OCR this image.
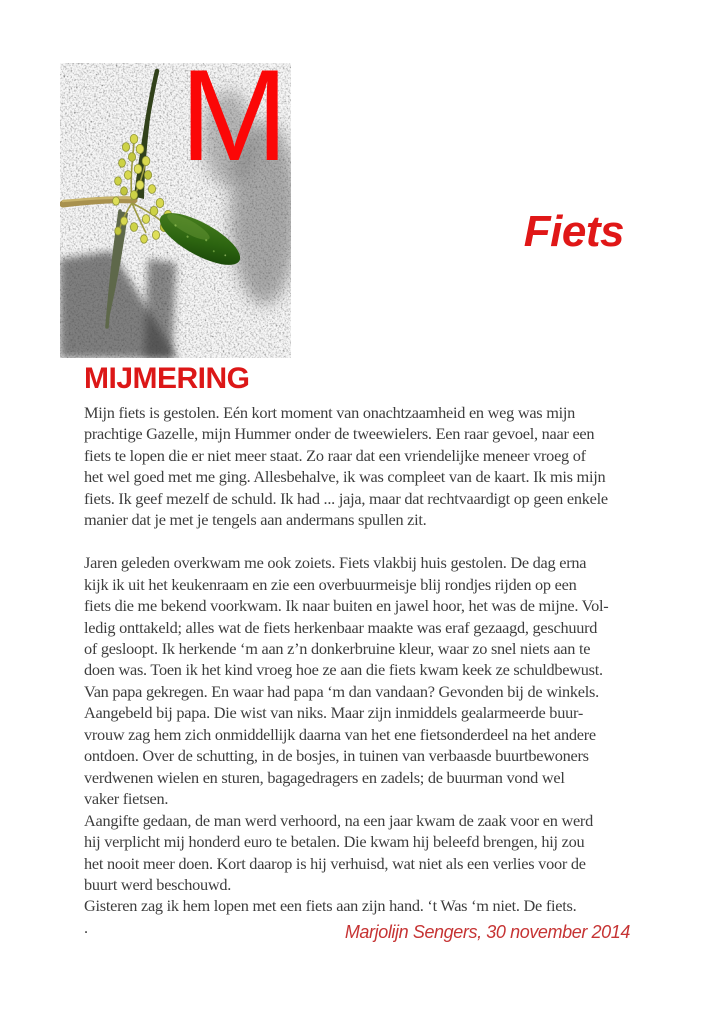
M
Fiets
MIJMERING
Mijn fiets is gestolen. Eén kort moment van onachtzaamheid en weg was mijn
prachtige Gazelle, mijn Hummer onder de tweewielers. Een raar gevoel, naar een
fiets te lopen die er niet meer staat. Zo raar dat een vriendelijke meneer vroeg of
het wel goed met me ging. Allesbehalve, ik was compleet van de kaart. Ik mis mijn
fiets. Ik geef mezelf de schuld. Ik had ... jaja, maar dat rechtvaardigt op geen enkele
manier dat je met je tengels aan andermans spullen zit.
Jaren geleden overkwam me ook zoiets. Fiets vlakbij huis gestolen. De dag erna
kijk ik uit het keukenraam en zie een overbuurmeisje blij rondjes rijden op een
fiets die me bekend voorkwam. Ik naar buiten en jawel hoor, het was de mijne. Vol-
ledig onttakeld; alles wat de fiets herkenbaar maakte was eraf gezaagd, geschuurd
of gesloopt. Ik herkende ‘m aan z’n donkerbruine kleur, waar zo snel niets aan te
doen was. Toen ik het kind vroeg hoe ze aan die fiets kwam keek ze schuldbewust.
Van papa gekregen. En waar had papa ‘m dan vandaan? Gevonden bij de winkels.
Aangebeld bij papa. Die wist van niks. Maar zijn inmiddels gealarmeerde buur-
vrouw zag hem zich onmiddellijk daarna van het ene fietsonderdeel na het andere
ontdoen. Over de schutting, in de bosjes, in tuinen van verbaasde buurtbewoners
verdwenen wielen en sturen, bagagedragers en zadels; de buurman vond wel
vaker fietsen.
Aangifte gedaan, de man werd verhoord, na een jaar kwam de zaak voor en werd
hij verplicht mij honderd euro te betalen. Die kwam hij beleefd brengen, hij zou
het nooit meer doen. Kort daarop is hij verhuisd, wat niet als een verlies voor de
buurt werd beschouwd.
Gisteren zag ik hem lopen met een fiets aan zijn hand. ‘t Was ‘m niet. De fiets.
.	Marjolijn Sengers, 30 november 2014
